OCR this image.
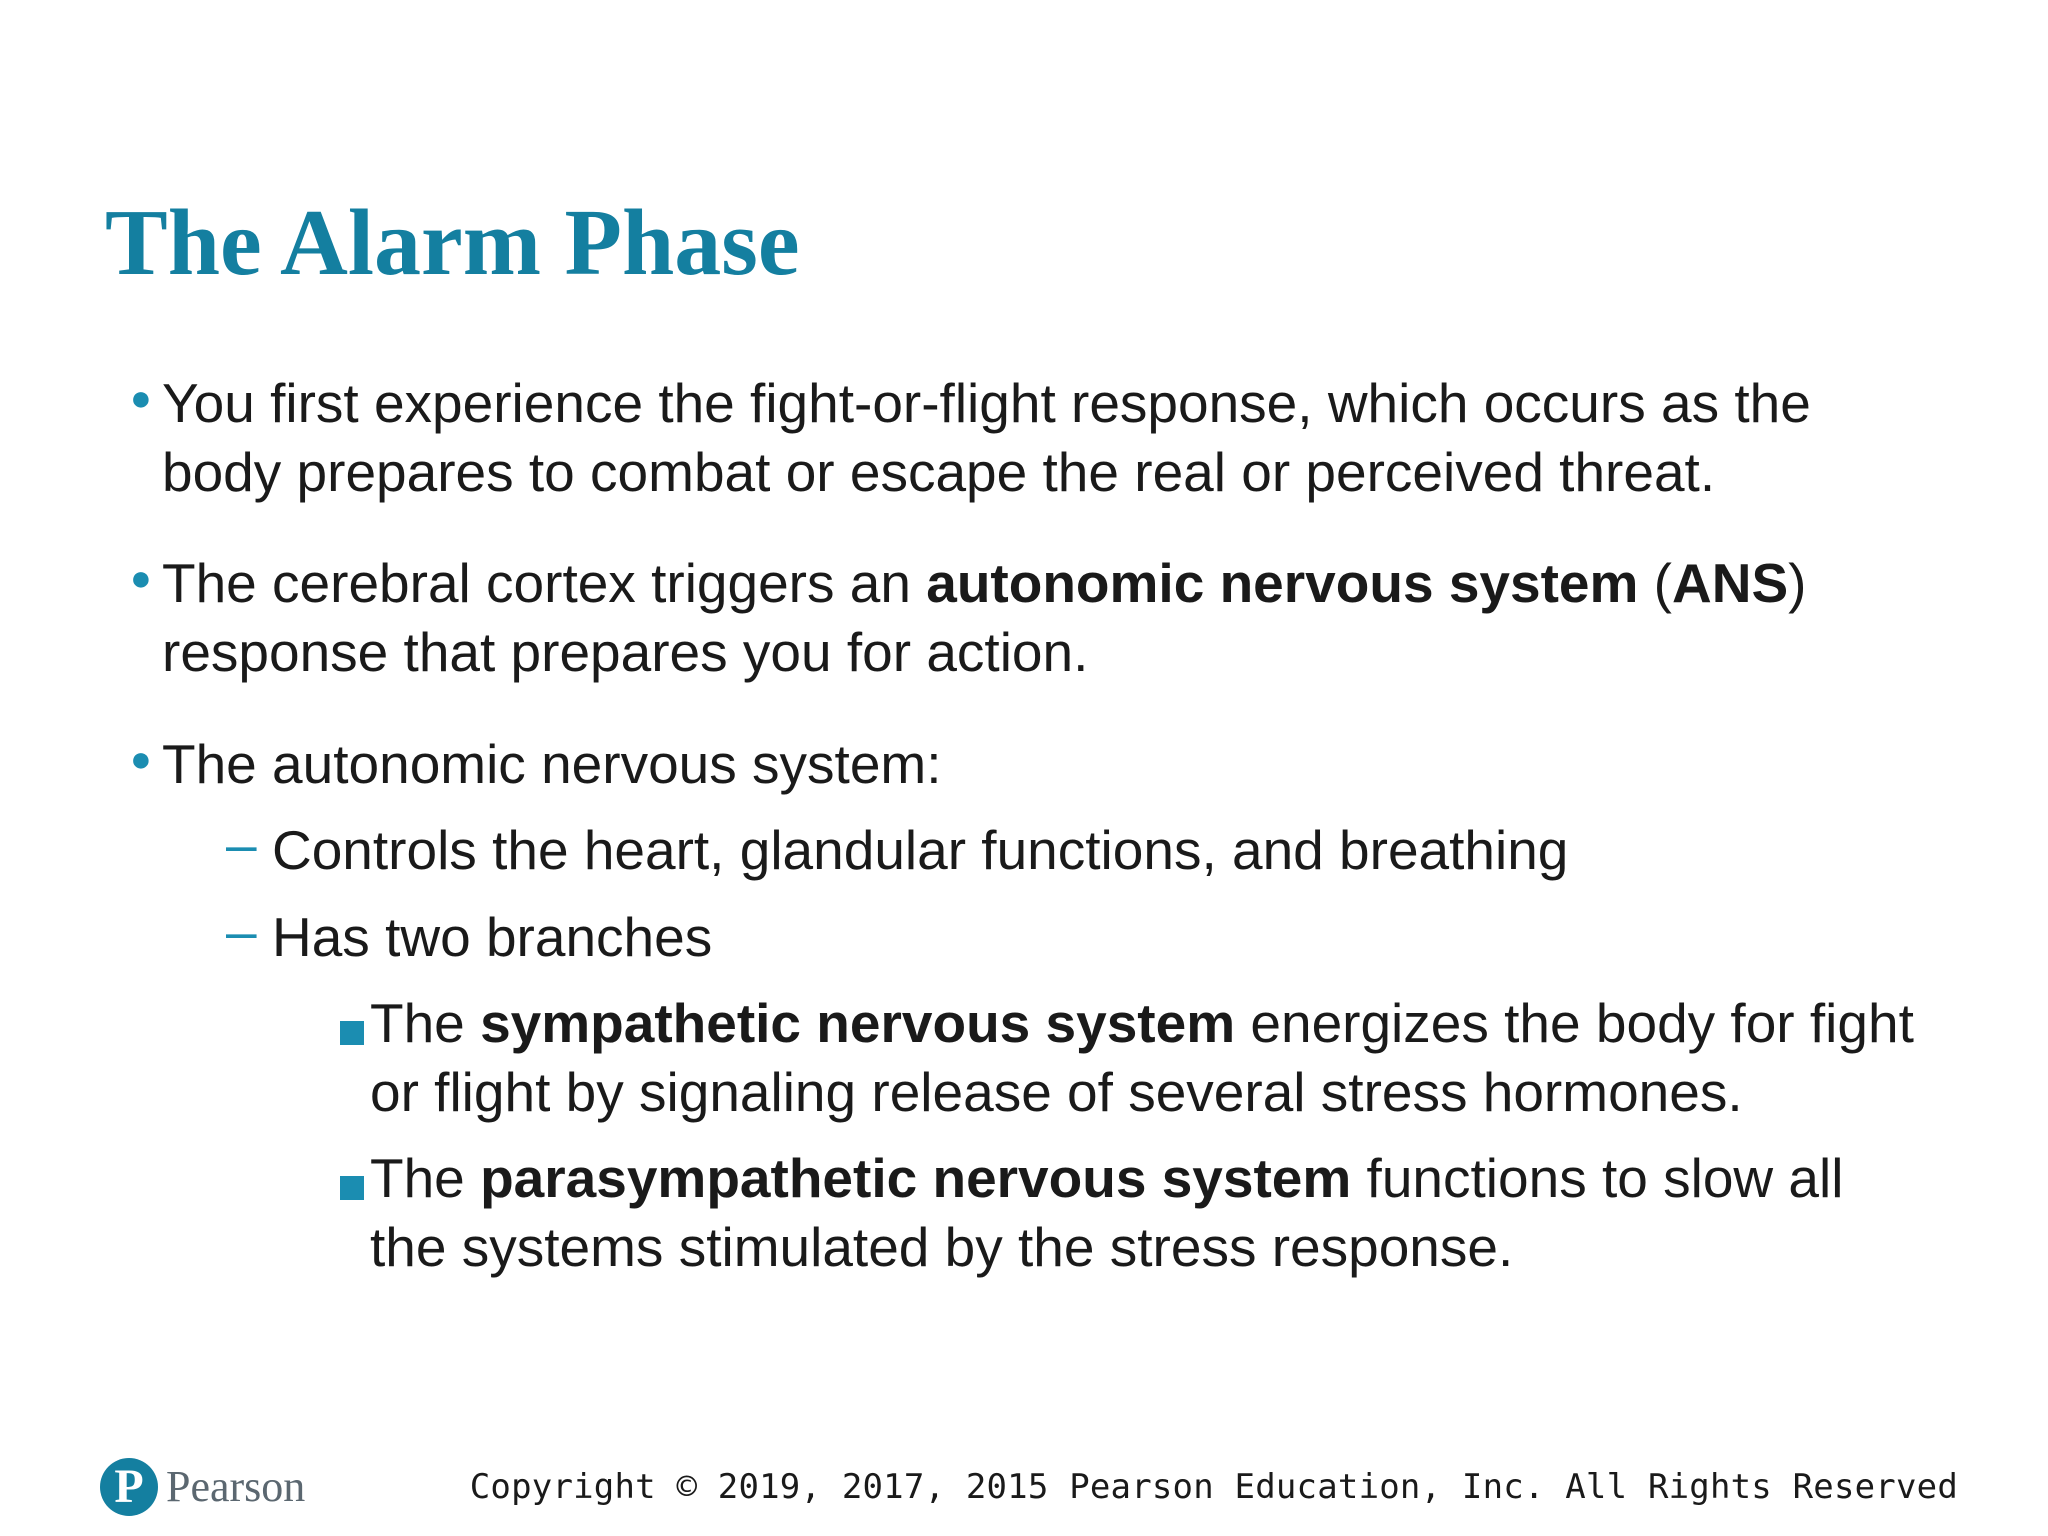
The Alarm Phase
● You first experience the fight-or-flight response, which occurs as the body prepares to combat or escape the real or perceived threat.
● The cerebral cortex triggers an autonomic nervous system (ANS) response that prepares you for action.
● The autonomic nervous system:
– Controls the heart, glandular functions, and breathing
– Has two branches
The sympathetic nervous system energizes the body for fight or flight by signaling release of several stress hormones.
The parasympathetic nervous system functions to slow all the systems stimulated by the stress response.
P Pearson	Copyright © 2019, 2017, 2015 Pearson Education, Inc. All Rights Reserved
